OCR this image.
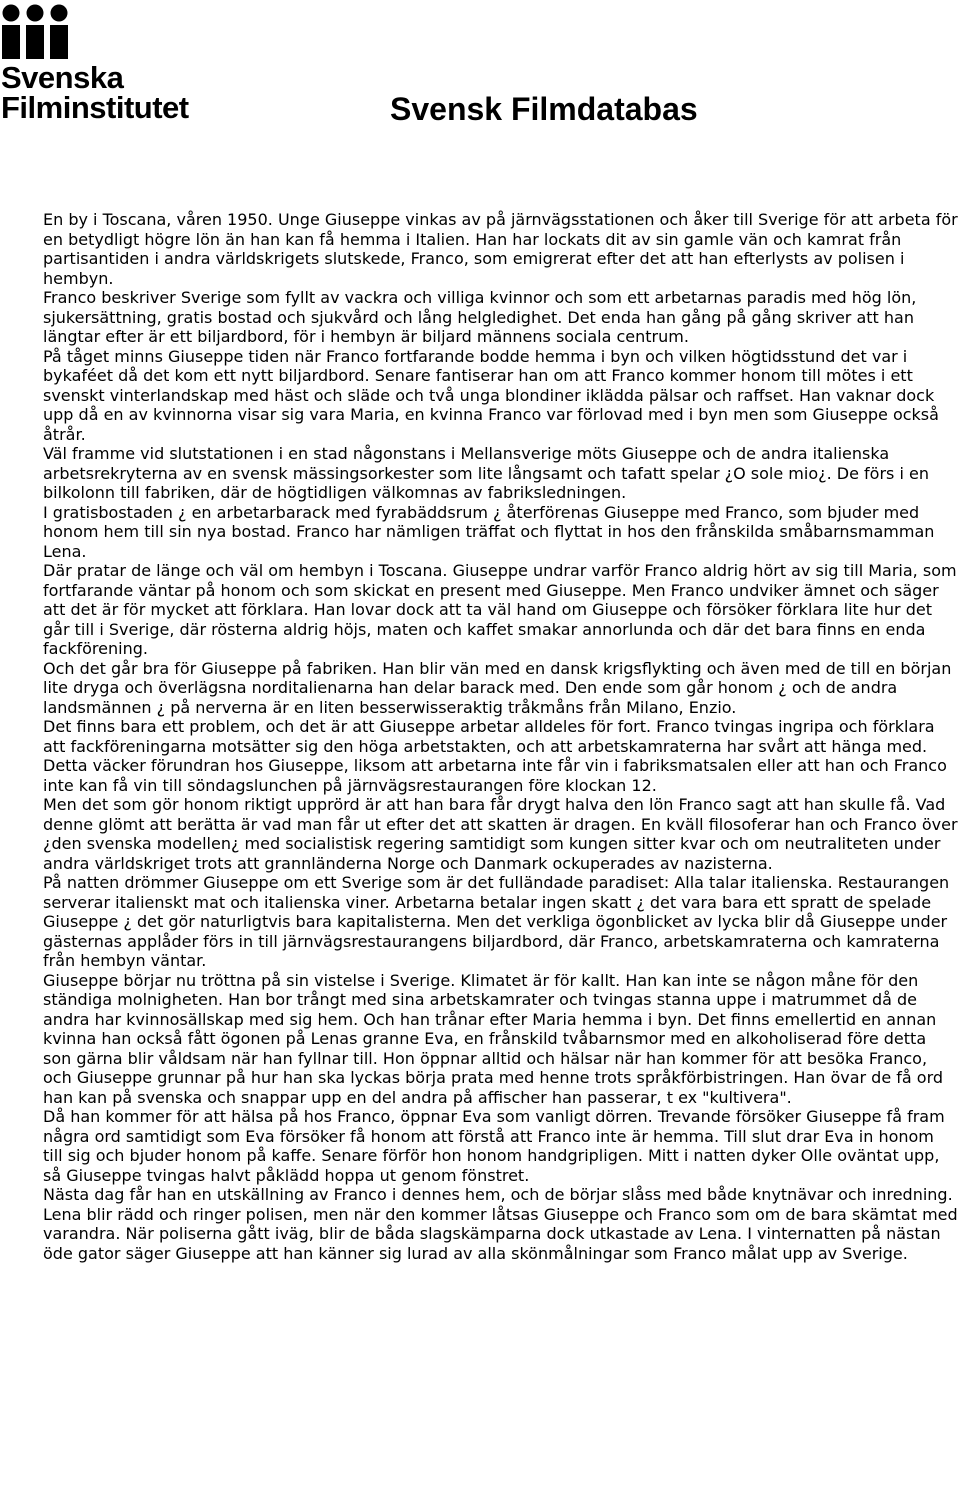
Svenska
Filminstitutet	Svensk Filmdatabas

En by i Toscana, våren 1950. Unge Giuseppe vinkas av på järnvägsstationen och åker till Sverige för att arbeta för en betydligt högre lön än han kan få hemma i Italien. Han har lockats dit av sin gamle vän och kamrat från partisantiden i andra världskrigets slutskede, Franco, som emigrerat efter det att han efterlysts av polisen i hembyn.

Franco beskriver Sverige som fyllt av vackra och villiga kvinnor och som ett arbetarnas paradis med hög lön, sjukersättning, gratis bostad och sjukvård och lång helgledighet. Det enda han gång på gång skriver att han längtar efter är ett biljardbord, för i hembyn är biljard männens sociala centrum.

På tåget minns Giuseppe tiden när Franco fortfarande bodde hemma i byn och vilken högtidsstund det var i bykaféet då det kom ett nytt biljardbord. Senare fantiserar han om att Franco kommer honom till mötes i ett svenskt vinterlandskap med häst och släde och två unga blondiner iklädda pälsar och raffset. Han vaknar dock upp då en av kvinnorna visar sig vara Maria, en kvinna Franco var förlovad med i byn men som Giuseppe också åtrår.

Väl framme vid slutstationen i en stad någonstans i Mellansverige möts Giuseppe och de andra italienska arbetsrekryterna av en svensk mässingsorkester som lite långsamt och tafatt spelar ¿O sole mio¿. De förs i en bilkolonn till fabriken, där de högtidligen välkomnas av fabriksledningen.

I gratisbostaden ¿ en arbetarbarack med fyrabäddsrum ¿ återförenas Giuseppe med Franco, som bjuder med honom hem till sin nya bostad. Franco har nämligen träffat och flyttat in hos den frånskilda småbarnsmamman Lena.

Där pratar de länge och väl om hembyn i Toscana. Giuseppe undrar varför Franco aldrig hört av sig till Maria, som fortfarande väntar på honom och som skickat en present med Giuseppe. Men Franco undviker ämnet och säger att det är för mycket att förklara. Han lovar dock att ta väl hand om Giuseppe och försöker förklara lite hur det går till i Sverige, där rösterna aldrig höjs, maten och kaffet smakar annorlunda och där det bara finns en enda fackförening.

Och det går bra för Giuseppe på fabriken. Han blir vän med en dansk krigsflykting och även med de till en början lite dryga och överlägsna norditalienarna han delar barack med. Den ende som går honom ¿ och de andra landsmännen ¿ på nerverna är en liten besserwisseraktig tråkmåns från Milano, Enzio.

Det finns bara ett problem, och det är att Giuseppe arbetar alldeles för fort. Franco tvingas ingripa och förklara att fackföreningarna motsätter sig den höga arbetstakten, och att arbetskamraterna har svårt att hänga med. Detta väcker förundran hos Giuseppe, liksom att arbetarna inte får vin i fabriksmatsalen eller att han och Franco inte kan få vin till söndagslunchen på järnvägsrestaurangen före klockan 12.

Men det som gör honom riktigt upprörd är att han bara får drygt halva den lön Franco sagt att han skulle få. Vad denne glömt att berätta är vad man får ut efter det att skatten är dragen. En kväll filosoferar han och Franco över ¿den svenska modellen¿ med socialistisk regering samtidigt som kungen sitter kvar och om neutraliteten under andra världskriget trots att grannländerna Norge och Danmark ockuperades av nazisterna.

På natten drömmer Giuseppe om ett Sverige som är det fulländade paradiset: Alla talar italienska. Restaurangen serverar italienskt mat och italienska viner. Arbetarna betalar ingen skatt ¿ det vara bara ett spratt de spelade Giuseppe ¿ det gör naturligtvis bara kapitalisterna. Men det verkliga ögonblicket av lycka blir då Giuseppe under gästernas applåder förs in till järnvägsrestaurangens biljardbord, där Franco, arbetskamraterna och kamraterna från hembyn väntar.

Giuseppe börjar nu tröttna på sin vistelse i Sverige. Klimatet är för kallt. Han kan inte se någon måne för den ständiga molnigheten. Han bor trångt med sina arbetskamrater och tvingas stanna uppe i matrummet då de andra har kvinnosällskap med sig hem. Och han trånar efter Maria hemma i byn. Det finns emellertid en annan kvinna han också fått ögonen på Lenas granne Eva, en frånskild tvåbarnsmor med en alkoholiserad före detta son gärna blir våldsam när han fyllnar till. Hon öppnar alltid och hälsar när han kommer för att besöka Franco, och Giuseppe grunnar på hur han ska lyckas börja prata med henne trots språkförbistringen. Han övar de få ord han kan på svenska och snappar upp en del andra på affischer han passerar, t ex "kultivera".

Då han kommer för att hälsa på hos Franco, öppnar Eva som vanligt dörren. Trevande försöker Giuseppe få fram några ord samtidigt som Eva försöker få honom att förstå att Franco inte är hemma. Till slut drar Eva in honom till sig och bjuder honom på kaffe. Senare förför hon honom handgripligen. Mitt i natten dyker Olle oväntat upp, så Giuseppe tvingas halvt påklädd hoppa ut genom fönstret.

Nästa dag får han en utskällning av Franco i dennes hem, och de börjar slåss med både knytnävar och inredning. Lena blir rädd och ringer polisen, men när den kommer låtsas Giuseppe och Franco som om de bara skämtat med varandra. När poliserna gått iväg, blir de båda slagskämparna dock utkastade av Lena. I vinternatten på nästan öde gator säger Giuseppe att han känner sig lurad av alla skönmålningar som Franco målat upp av Sverige.
